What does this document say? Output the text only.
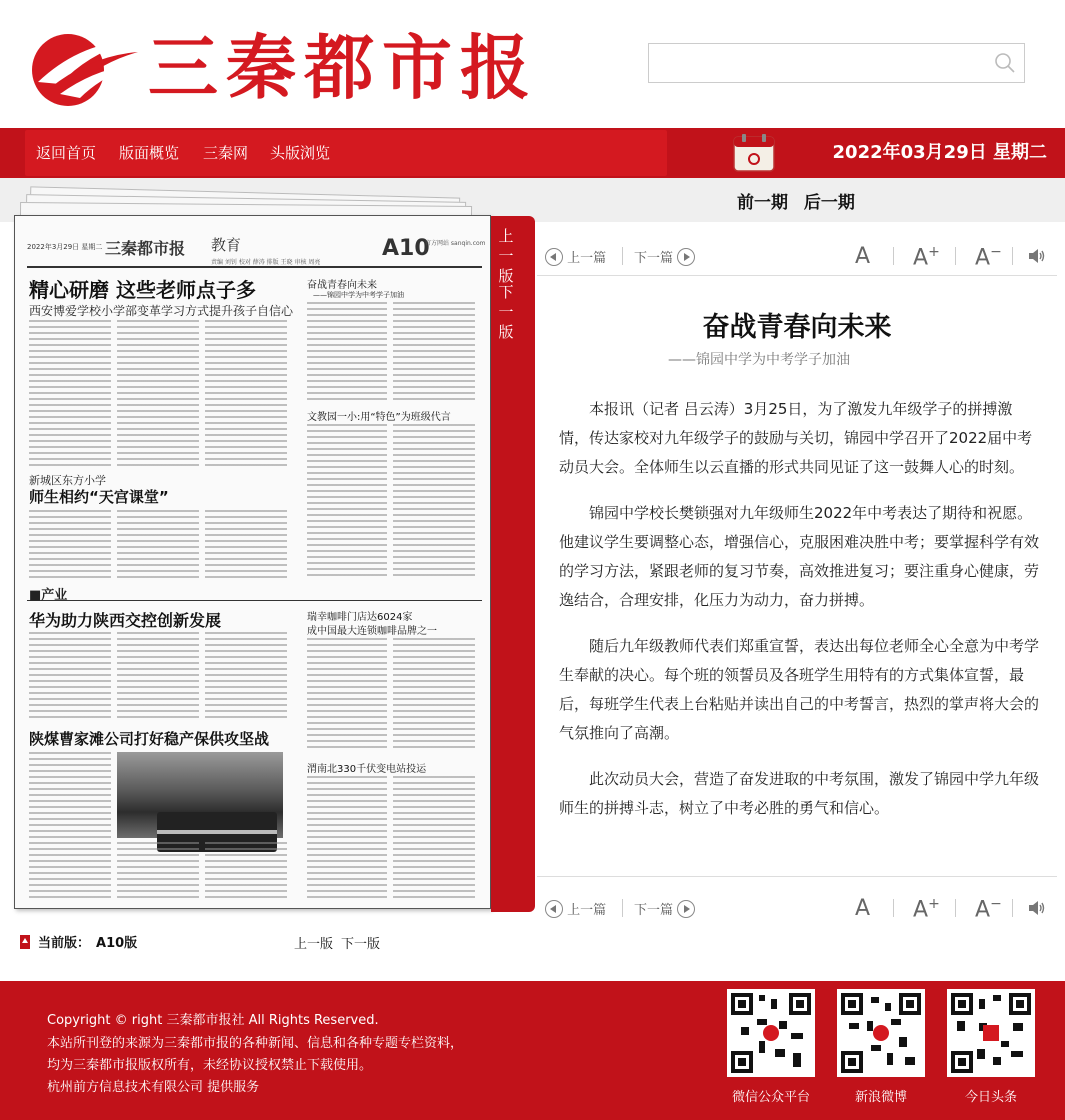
三秦都市报
返回首页 版面概览 三秦网 头版浏览	2022年03月29日 星期二
前一期 后一期
2022年3月29日 星期二 三秦都市报 教育
责编 刘钊 校对 薛涛 排版 王晓 审核 周亮
A10
官方网站 sanqin.com
精心研磨 这些老师点子多
西安博爱学校小学部变革学习方式提升孩子自信心
新城区东方小学
师生相约“天宫课堂”
奋战青春向未来
——锦园中学为中考学子加油
文教园一小:用“特色”为班级代言
■产业
华为助力陕西交控创新发展	瑞幸咖啡门店达6024家
成中国最大连锁咖啡品牌之一
陕煤曹家滩公司打好稳产保供攻坚战
渭南北330千伏变电站投运
上
一
版
下
一
版
当前版： A10版	上一版 下一版
上一篇 下一篇	A A+ A−
奋战青春向未来
——锦园中学为中考学子加油

本报讯（记者 吕云涛）3月25日，为了激发九年级学子的拼搏激情，传达家校对九年级学子的鼓励与关切，锦园中学召开了2022届中考动员大会。全体师生以云直播的形式共同见证了这一鼓舞人心的时刻。

锦园中学校长樊锁强对九年级师生2022年中考表达了期待和祝愿。他建议学生要调整心态，增强信心，克服困难决胜中考；要掌握科学有效的学习方法，紧跟老师的复习节奏，高效推进复习；要注重身心健康，劳逸结合，合理安排，化压力为动力，奋力拼搏。

随后九年级教师代表们郑重宣誓，表达出每位老师全心全意为中考学生奉献的决心。每个班的领誓员及各班学生用特有的方式集体宣誓，最后，每班学生代表上台粘贴并读出自己的中考誓言，热烈的掌声将大会的气氛推向了高潮。

此次动员大会，营造了奋发进取的中考氛围，激发了锦园中学九年级师生的拼搏斗志，树立了中考必胜的勇气和信心。

上一篇 下一篇	A A+ A−
Copyright © right 三秦都市报社 All Rights Reserved.
本站所刊登的来源为三秦都市报的各种新闻、信息和各种专题专栏资料，
均为三秦都市报版权所有，未经协议授权禁止下载使用。
杭州前方信息技术有限公司 提供服务
微信公众平台	新浪微博	今日头条
